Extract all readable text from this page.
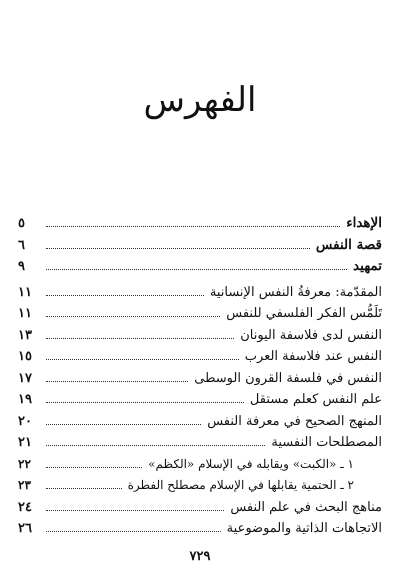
الفهرس
الإهداء
٥
قصة النفس
٦
تمهيد
٩
المقدّمة: معرفةُ النفس الإنسانية
١١
تَلَمُّس الفكر الفلسفي للنفس
١١
النفس لدى فلاسفة اليونان
١٣
النفس عند فلاسفة العرب
١٥
النفس في فلسفة القرون الوسطى
١٧
علم النفس كعلم مستقل
١٩
المنهج الصحيح في معرفة النفس
٢٠
المصطلحات النفسية
٢١
١ ـ «الكبت» ويقابله في الإسلام «الكظم»
٢٢
٢ ـ الحتمية يقابلها في الإسلام مصطلح الفطرة
٢٣
مناهج البحث في علم النفس
٢٤
الاتجاهات الذاتية والموضوعية
٢٦
٧٢٩
